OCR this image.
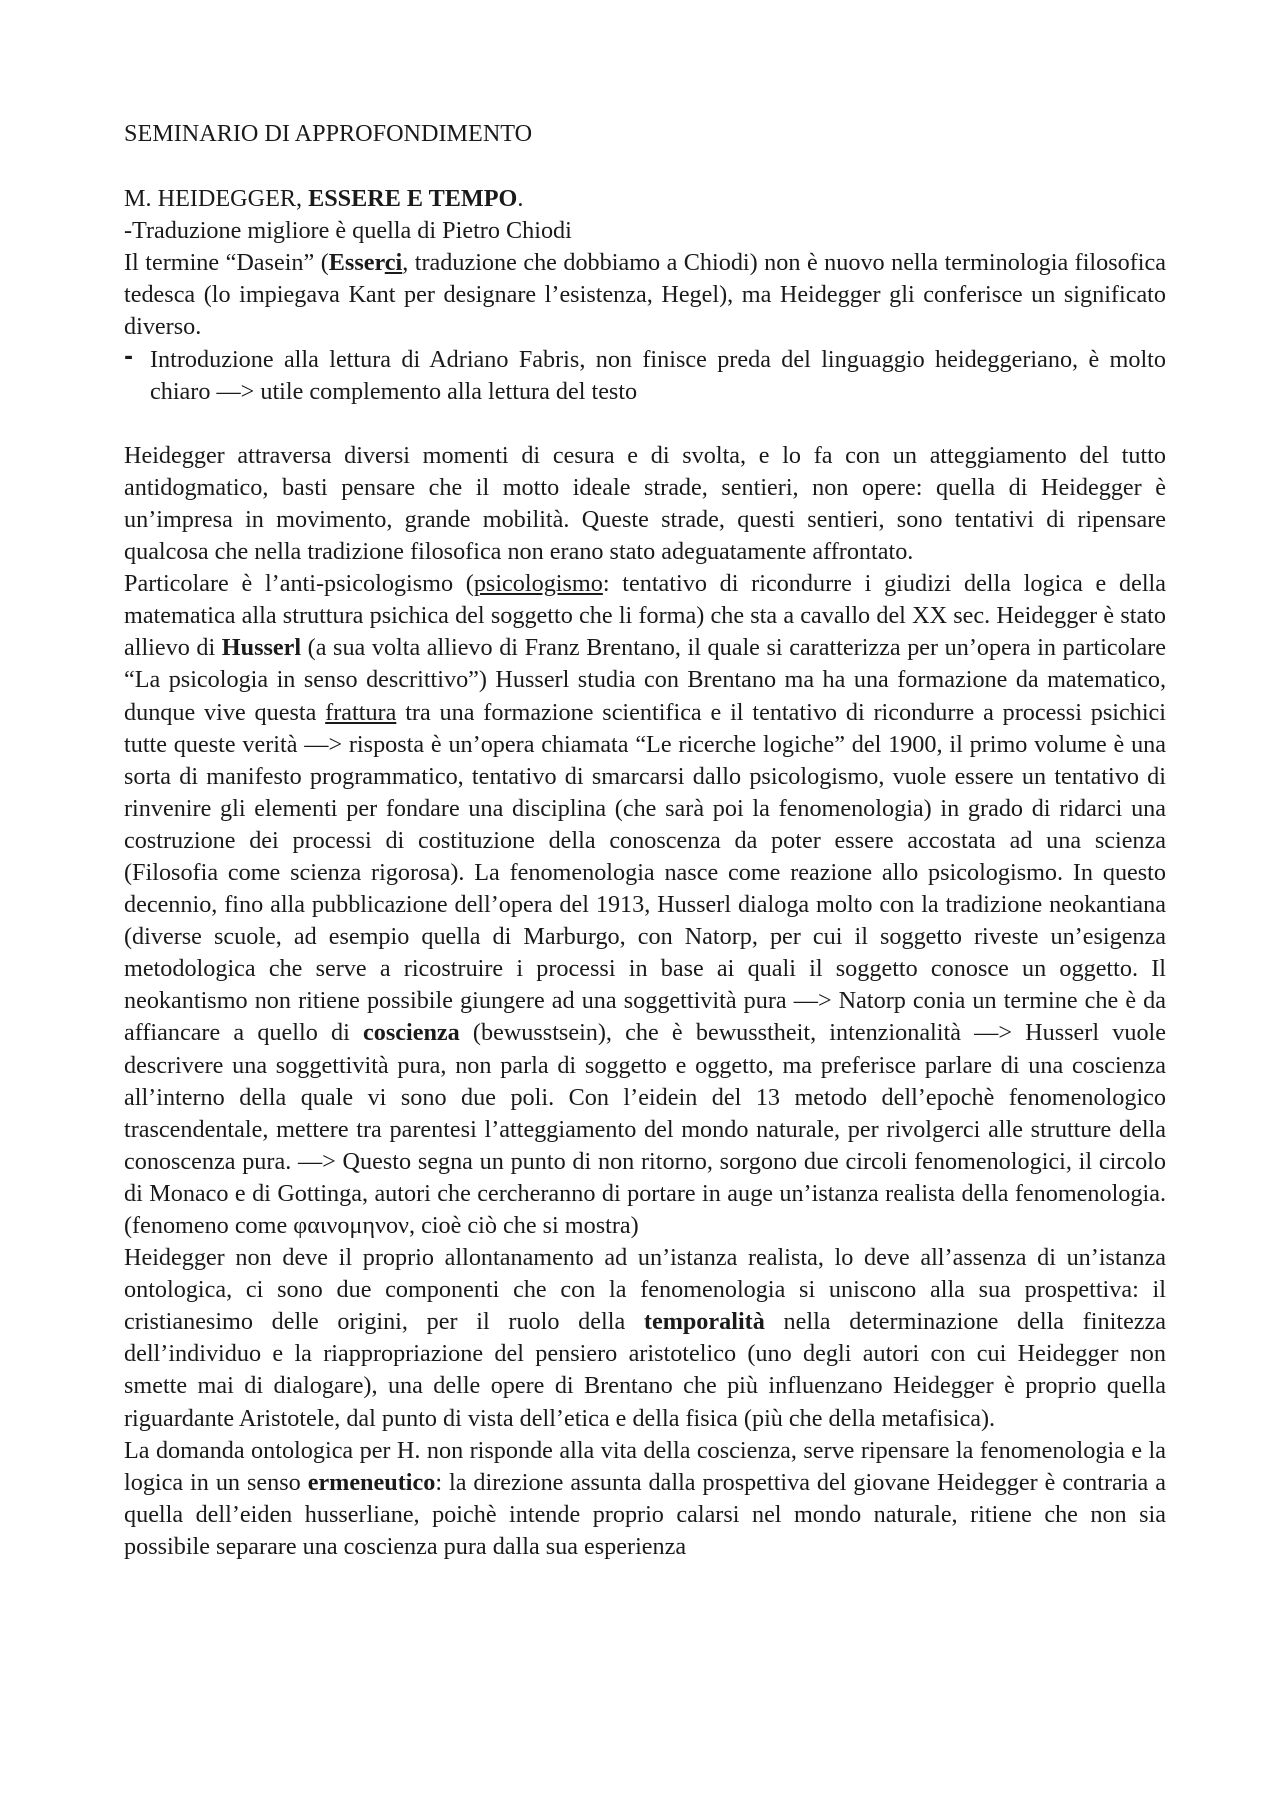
SEMINARIO DI APPROFONDIMENTO

M. HEIDEGGER, ESSERE E TEMPO.

-Traduzione migliore è quella di Pietro Chiodi

Il termine “Dasein” (Esserci, traduzione che dobbiamo a Chiodi) non è nuovo nella terminologia filosofica tedesca (lo impiegava Kant per designare l’esistenza, Hegel), ma Heidegger gli conferisce un significato diverso.

- Introduzione alla lettura di Adriano Fabris, non finisce preda del linguaggio heideggeriano, è molto chiaro —> utile complemento alla lettura del testo

Heidegger attraversa diversi momenti di cesura e di svolta, e lo fa con un atteggiamento del tutto antidogmatico, basti pensare che il motto ideale strade, sentieri, non opere: quella di Heidegger è un’impresa in movimento, grande mobilità. Queste strade, questi sentieri, sono tentativi di ripensare qualcosa che nella tradizione filosofica non erano stato adeguatamente affrontato.

Particolare è l’anti-psicologismo (psicologismo: tentativo di ricondurre i giudizi della logica e della matematica alla struttura psichica del soggetto che li forma) che sta a cavallo del XX sec. Heidegger è stato allievo di Husserl (a sua volta allievo di Franz Brentano, il quale si caratterizza per un’opera in particolare “La psicologia in senso descrittivo”) Husserl studia con Brentano ma ha una formazione da matematico, dunque vive questa frattura tra una formazione scientifica e il tentativo di ricondurre a processi psichici tutte queste verità —> risposta è un’opera chiamata “Le ricerche logiche” del 1900, il primo volume è una sorta di manifesto programmatico, tentativo di smarcarsi dallo psicologismo, vuole essere un tentativo di rinvenire gli elementi per fondare una disciplina (che sarà poi la fenomenologia) in grado di ridarci una costruzione dei processi di costituzione della conoscenza da poter essere accostata ad una scienza (Filosofia come scienza rigorosa). La fenomenologia nasce come reazione allo psicologismo. In questo decennio, fino alla pubblicazione dell’opera del 1913, Husserl dialoga molto con la tradizione neokantiana (diverse scuole, ad esempio quella di Marburgo, con Natorp, per cui il soggetto riveste un’esigenza metodologica che serve a ricostruire i processi in base ai quali il soggetto conosce un oggetto. Il neokantismo non ritiene possibile giungere ad una soggettività pura —> Natorp conia un termine che è da affiancare a quello di coscienza (bewusstsein), che è bewusstheit, intenzionalità —> Husserl vuole descrivere una soggettività pura, non parla di soggetto e oggetto, ma preferisce parlare di una coscienza all’interno della quale vi sono due poli. Con l’eidein del 13 metodo dell’epochè fenomenologico trascendentale, mettere tra parentesi l’atteggiamento del mondo naturale, per rivolgerci alle strutture della conoscenza pura. —> Questo segna un punto di non ritorno, sorgono due circoli fenomenologici, il circolo di Monaco e di Gottinga, autori che cercheranno di portare in auge un’istanza realista della fenomenologia. (fenomeno come φαινομηνον, cioè ciò che si mostra)

Heidegger non deve il proprio allontanamento ad un’istanza realista, lo deve all’assenza di un’istanza ontologica, ci sono due componenti che con la fenomenologia si uniscono alla sua prospettiva: il cristianesimo delle origini, per il ruolo della temporalità nella determinazione della finitezza dell’individuo e la riappropriazione del pensiero aristotelico (uno degli autori con cui Heidegger non smette mai di dialogare), una delle opere di Brentano che più influenzano Heidegger è proprio quella riguardante Aristotele, dal punto di vista dell’etica e della fisica (più che della metafisica).

La domanda ontologica per H. non risponde alla vita della coscienza, serve ripensare la fenomenologia e la logica in un senso ermeneutico: la direzione assunta dalla prospettiva del giovane Heidegger è contraria a quella dell’eiden husserliane, poichè intende proprio calarsi nel mondo naturale, ritiene che non sia possibile separare una coscienza pura dalla sua esperienza
